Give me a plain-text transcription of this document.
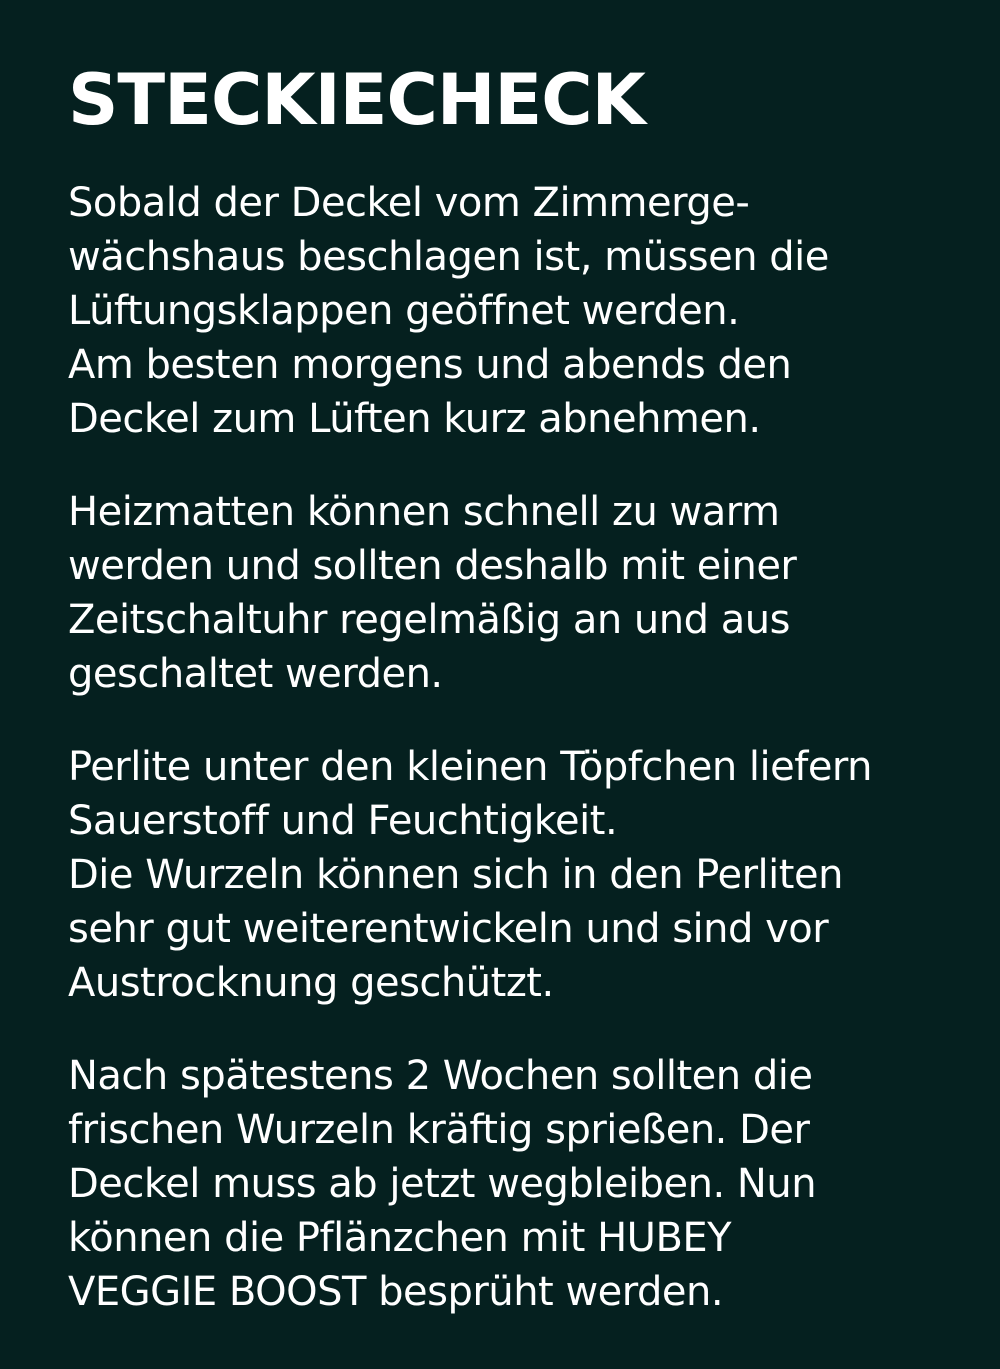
STECKIECHECK
Sobald der Deckel vom Zimmerge-
wächshaus beschlagen ist, müssen die
Lüftungsklappen geöffnet werden.
Am besten morgens und abends den
Deckel zum Lüften kurz abnehmen.
Heizmatten können schnell zu warm
werden und sollten deshalb mit einer
Zeitschaltuhr regelmäßig an und aus
geschaltet werden.
Perlite unter den kleinen Töpfchen liefern
Sauerstoff und Feuchtigkeit.
Die Wurzeln können sich in den Perliten
sehr gut weiterentwickeln und sind vor
Austrocknung geschützt.
Nach spätestens 2 Wochen sollten die
frischen Wurzeln kräftig sprießen. Der
Deckel muss ab jetzt wegbleiben. Nun
können die Pflänzchen mit HUBEY
VEGGIE BOOST besprüht werden.
